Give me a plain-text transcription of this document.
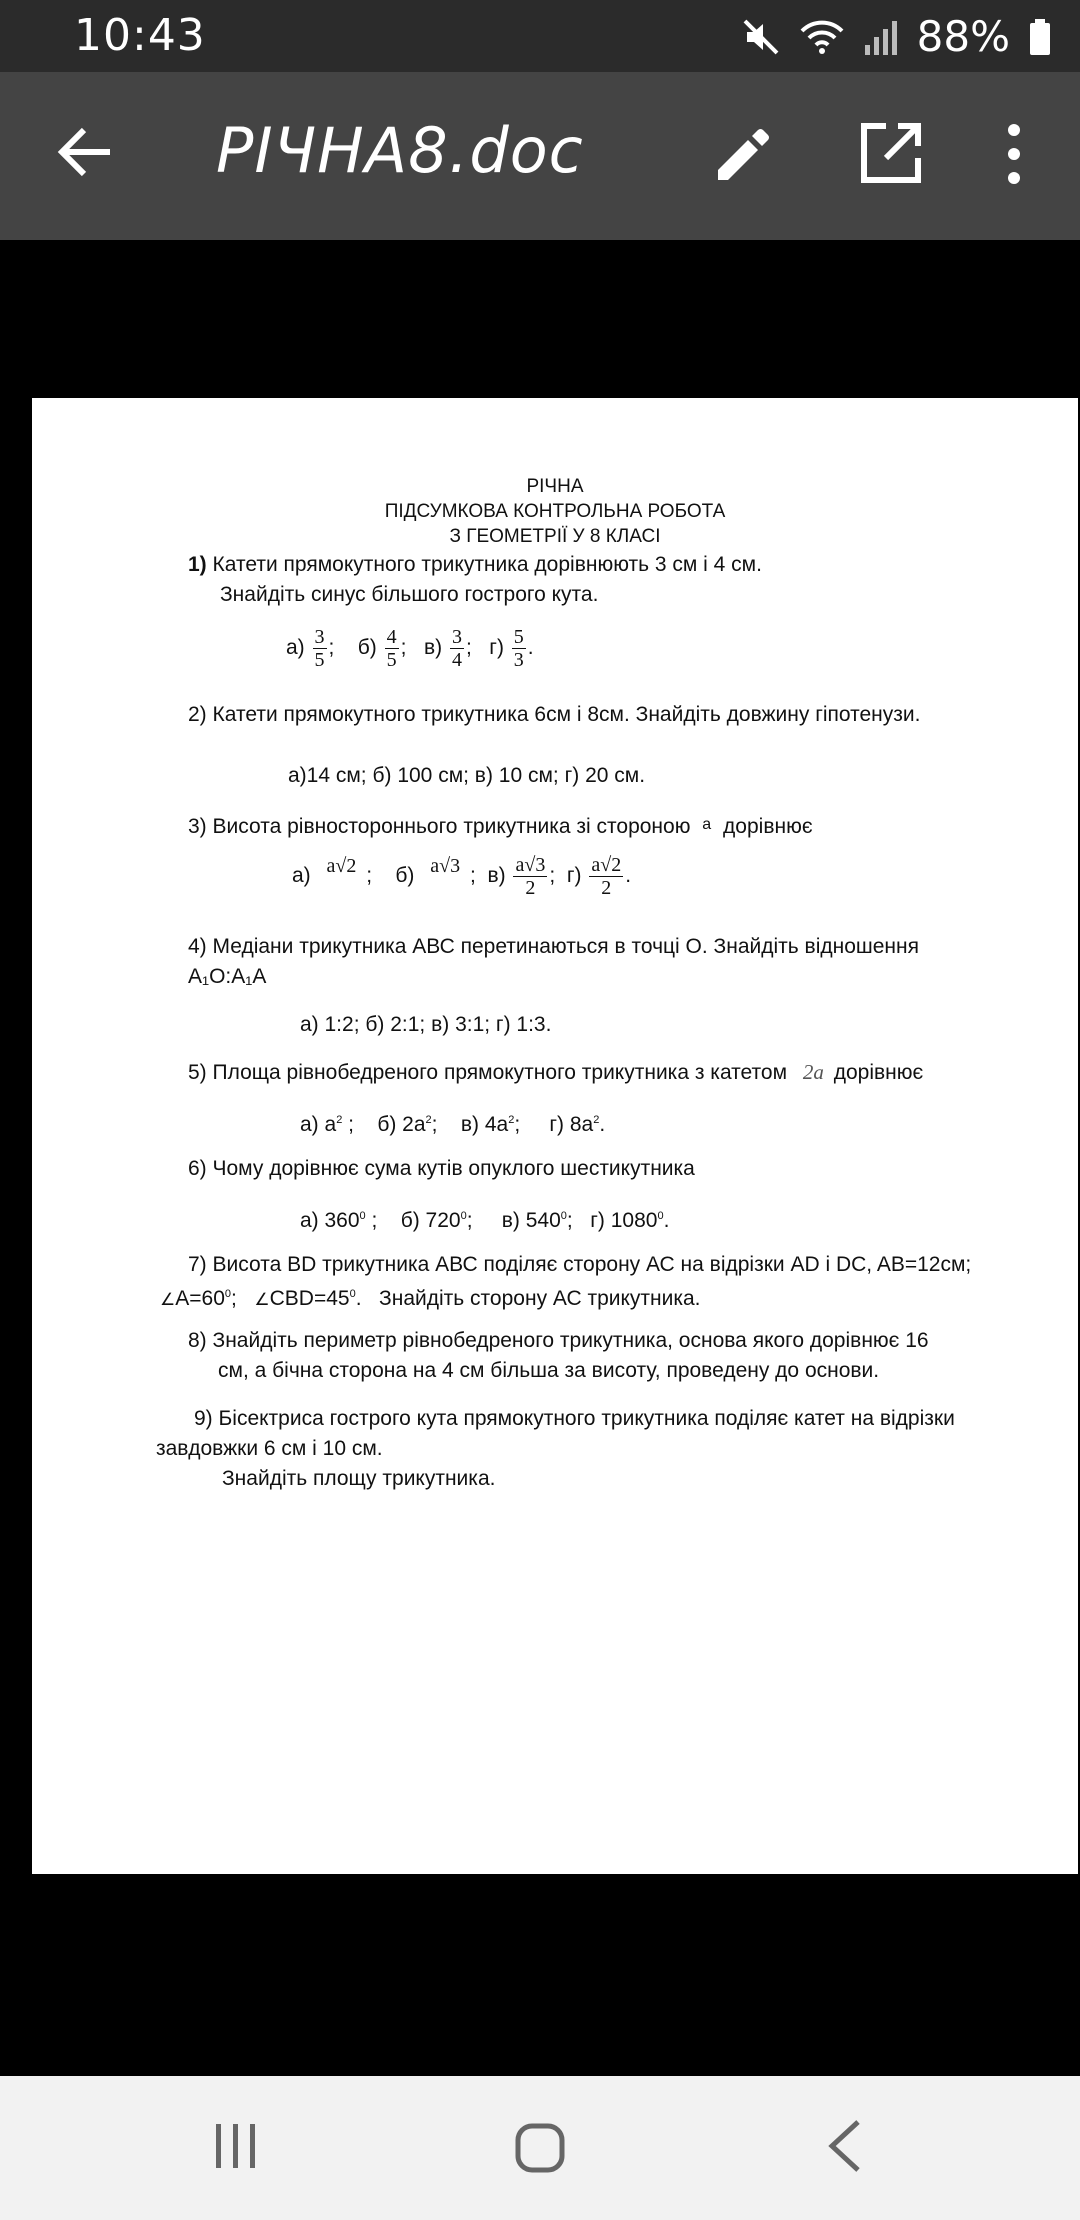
10:43	88%
РІЧНА8.doc
РІЧНА
ПІДСУМКОВА КОНТРОЛЬНА РОБОТА
З ГЕОМЕТРІЇ У 8 КЛАСІ
1) Катети прямокутного трикутника дорівнюють 3 см і 4 см.
Знайдіть синус більшого гострого кута.
$а) \frac{3}{5}$ ;    $б) \frac{4}{5}$ ;   $в) \frac{3}{4}$ ;   $г) \frac{5}{3}$ .
2) Катети прямокутного трикутника 6см і 8см. Знайдіть довжину гіпотенузи.
а)14 см; б) 100 см; в) 10 см; г) 20 см.
3) Висота рівностороннього трикутника зі стороною а дорівнює
а) a√2
;    б) a√3
;  $в) \frac{a√3}{2}$ ;  $г) \frac{a√2}{2}$ .
4) Медіани трикутника АВС перетинаються в точці О. Знайдіть відношення
А₁О:А₁А
а) 1:2; б) 2:1; в) 3:1; г) 1:3.
5) Площа рівнобедреного прямокутного трикутника з катетом 2а дорівнює
а) $а^2$ ;    б) $2а^2$;    в) $4а^2$;     г) $8а^2$.
6) Чому дорівнює сума кутів опуклого шестикутника
а) $360^0$ ;    б) $720^0$;     в) $540^0$;   г) 1080$^0$.
7) Висота BD трикутника АВС поділяє сторону АС на відрізки AD і DC, AB=12см;
$\angle А=60^0$;   $\angle CBD=45^0$.   Знайдіть сторону АС трикутника.
8) Знайдіть периметр рівнобедреного трикутника, основа якого дорівнює 16
см, а бічна сторона на 4 см більша за висоту, проведену до основи.
9) Бісектриса гострого кута прямокутного трикутника поділяє катет на відрізки
завдовжки 6 см і 10 см.
Знайдіть площу трикутника.
